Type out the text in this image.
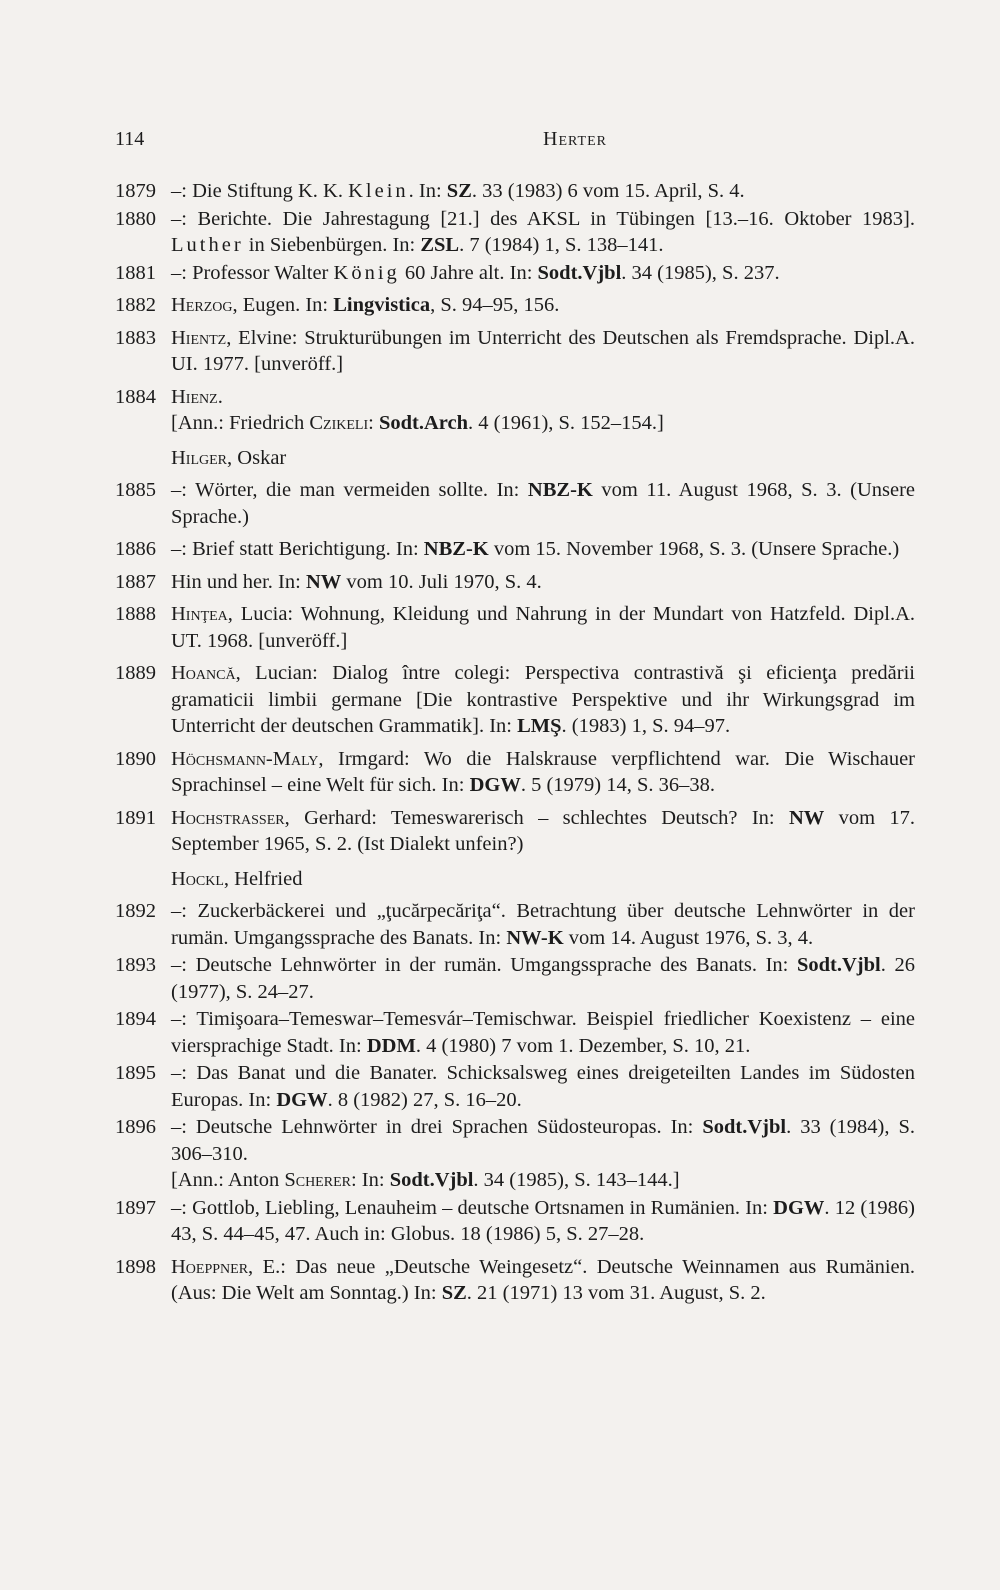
114	Herter
1879 –: Die Stiftung K. K. Klein. In: SZ. 33 (1983) 6 vom 15. April, S. 4.
1880 –: Berichte. Die Jahrestagung [21.] des AKSL in Tübingen [13.–16. Oktober 1983]. Luther in Siebenbürgen. In: ZSL. 7 (1984) 1, S. 138–141.
1881 –: Professor Walter König 60 Jahre alt. In: Sodt.Vjbl. 34 (1985), S. 237.
1882 Herzog, Eugen. In: Lingvistica, S. 94–95, 156.
1883 Hientz, Elvine: Strukturübungen im Unterricht des Deutschen als Fremdsprache. Dipl.A. UI. 1977. [unveröff.]
1884 Hienz.
[Ann.: Friedrich Czikeli: Sodt.Arch. 4 (1961), S. 152–154.]
Hilger, Oskar
1885 –: Wörter, die man vermeiden sollte. In: NBZ-K vom 11. August 1968, S. 3. (Unsere Sprache.)
1886 –: Brief statt Berichtigung. In: NBZ-K vom 15. November 1968, S. 3. (Unsere Sprache.)
1887 Hin und her. In: NW vom 10. Juli 1970, S. 4.
1888 Hinţea, Lucia: Wohnung, Kleidung und Nahrung in der Mundart von Hatzfeld. Dipl.A. UT. 1968. [unveröff.]
1889 Hoancă, Lucian: Dialog între colegi: Perspectiva contrastivă şi eficienţa predării gramaticii limbii germane [Die kontrastive Perspektive und ihr Wirkungsgrad im Unterricht der deutschen Grammatik]. In: LMŞ. (1983) 1, S. 94–97.
1890 Höchsmann-Maly, Irmgard: Wo die Halskrause verpflichtend war. Die Wischauer Sprachinsel – eine Welt für sich. In: DGW. 5 (1979) 14, S. 36–38.
1891 Hochstrasser, Gerhard: Temeswarerisch – schlechtes Deutsch? In: NW vom 17. September 1965, S. 2. (Ist Dialekt unfein?)
Hockl, Helfried
1892 –: Zuckerbäckerei und „ţucărpecăriţa“. Betrachtung über deutsche Lehnwörter in der rumän. Umgangssprache des Banats. In: NW-K vom 14. August 1976, S. 3, 4.
1893 –: Deutsche Lehnwörter in der rumän. Umgangssprache des Banats. In: Sodt.Vjbl. 26 (1977), S. 24–27.
1894 –: Timişoara–Temeswar–Temesvár–Temischwar. Beispiel friedlicher Koexistenz – eine viersprachige Stadt. In: DDM. 4 (1980) 7 vom 1. Dezember, S. 10, 21.
1895 –: Das Banat und die Banater. Schicksalsweg eines dreigeteilten Landes im Südosten Europas. In: DGW. 8 (1982) 27, S. 16–20.
1896 –: Deutsche Lehnwörter in drei Sprachen Südosteuropas. In: Sodt.Vjbl. 33 (1984), S. 306–310.
[Ann.: Anton Scherer: In: Sodt.Vjbl. 34 (1985), S. 143–144.]
1897 –: Gottlob, Liebling, Lenauheim – deutsche Ortsnamen in Rumänien. In: DGW. 12 (1986) 43, S. 44–45, 47. Auch in: Globus. 18 (1986) 5, S. 27–28.
1898 Hoeppner, E.: Das neue „Deutsche Weingesetz“. Deutsche Weinnamen aus Rumänien. (Aus: Die Welt am Sonntag.) In: SZ. 21 (1971) 13 vom 31. August, S. 2.
